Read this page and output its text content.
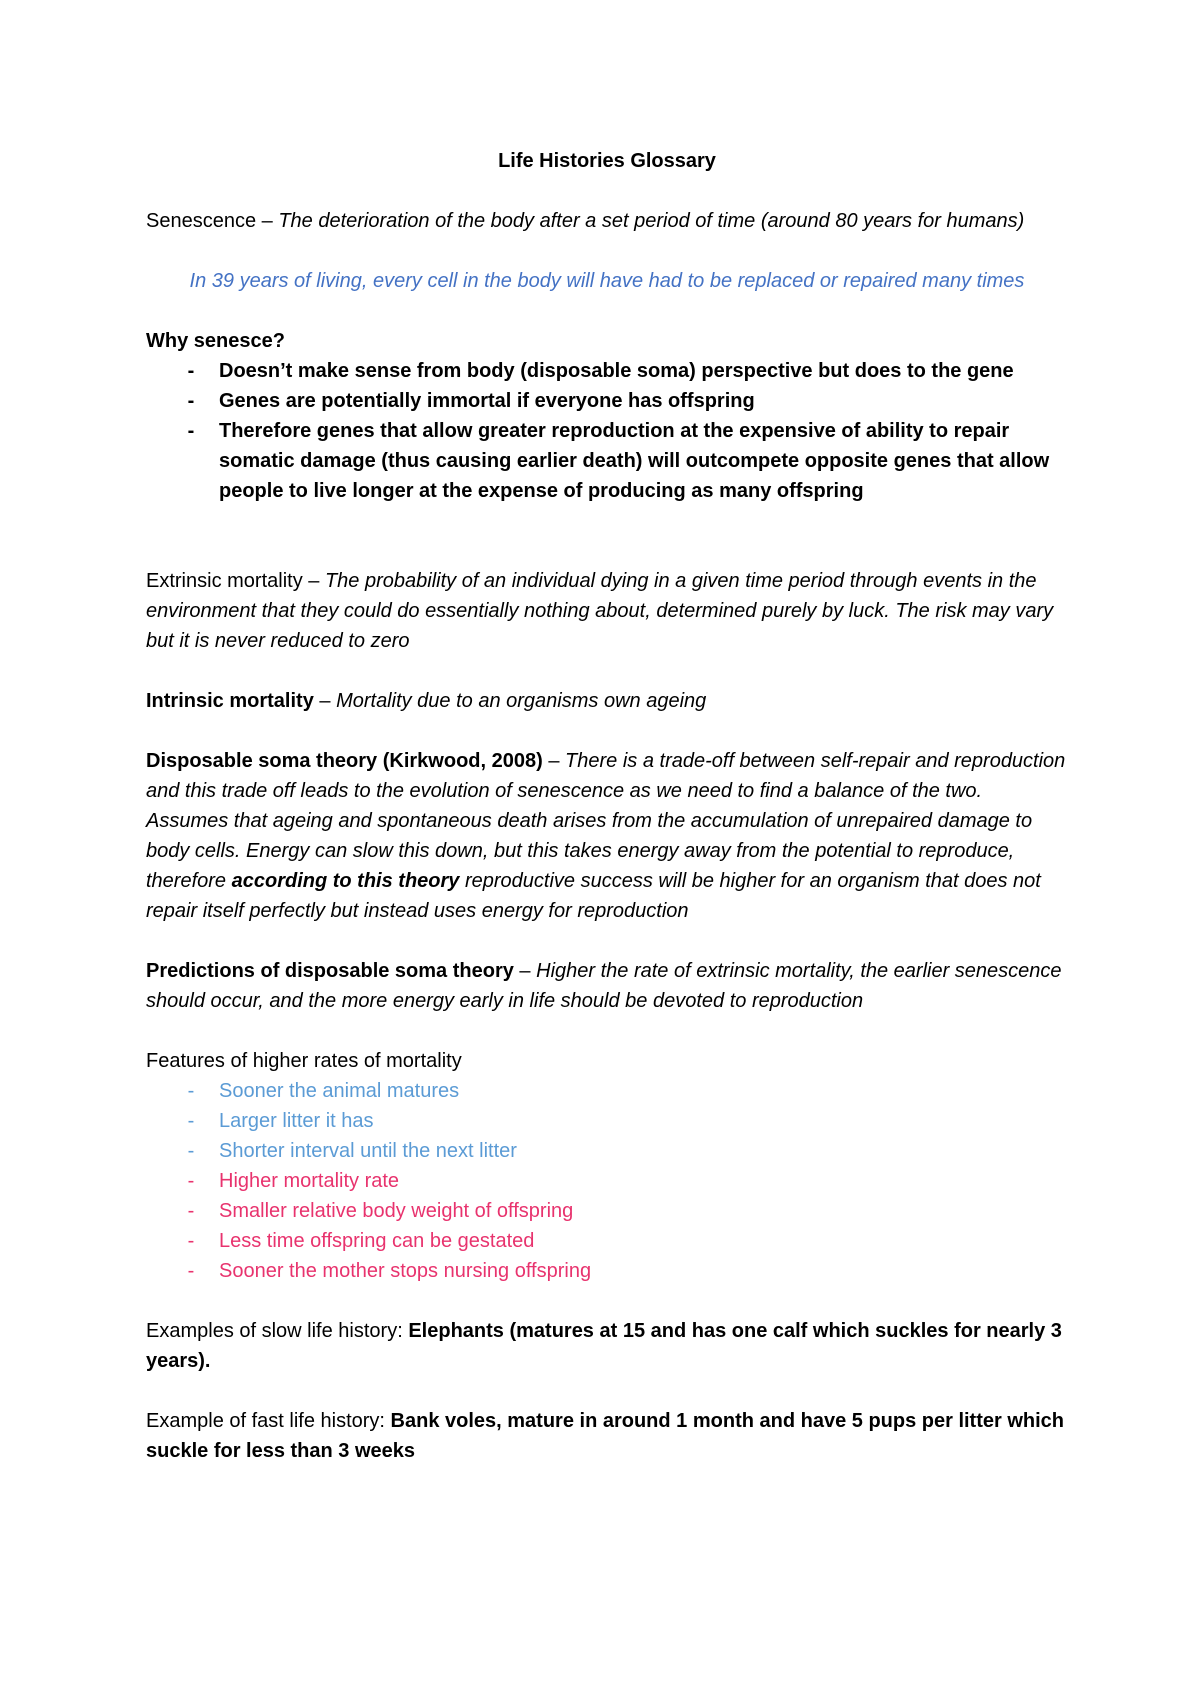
Life Histories Glossary

Senescence – The deterioration of the body after a set period of time (around 80 years for humans)

In 39 years of living, every cell in the body will have had to be replaced or repaired many times

Why senesce?

- Doesn’t make sense from body (disposable soma) perspective but does to the gene
- Genes are potentially immortal if everyone has offspring
- Therefore genes that allow greater reproduction at the expensive of ability to repair somatic damage (thus causing earlier death) will outcompete opposite genes that allow people to live longer at the expense of producing as many offspring

Extrinsic mortality – The probability of an individual dying in a given time period through events in the environment that they could do essentially nothing about, determined purely by luck. The risk may vary but it is never reduced to zero

Intrinsic mortality – Mortality due to an organisms own ageing

Disposable soma theory (Kirkwood, 2008) – There is a trade-off between self-repair and reproduction and this trade off leads to the evolution of senescence as we need to find a balance of the two. Assumes that ageing and spontaneous death arises from the accumulation of unrepaired damage to body cells. Energy can slow this down, but this takes energy away from the potential to reproduce, therefore according to this theory reproductive success will be higher for an organism that does not repair itself perfectly but instead uses energy for reproduction

Predictions of disposable soma theory – Higher the rate of extrinsic mortality, the earlier senescence should occur, and the more energy early in life should be devoted to reproduction

Features of higher rates of mortality

- Sooner the animal matures
- Larger litter it has
- Shorter interval until the next litter
- Higher mortality rate
- Smaller relative body weight of offspring
- Less time offspring can be gestated
- Sooner the mother stops nursing offspring

Examples of slow life history: Elephants (matures at 15 and has one calf which suckles for nearly 3 years).

Example of fast life history: Bank voles, mature in around 1 month and have 5 pups per litter which suckle for less than 3 weeks
